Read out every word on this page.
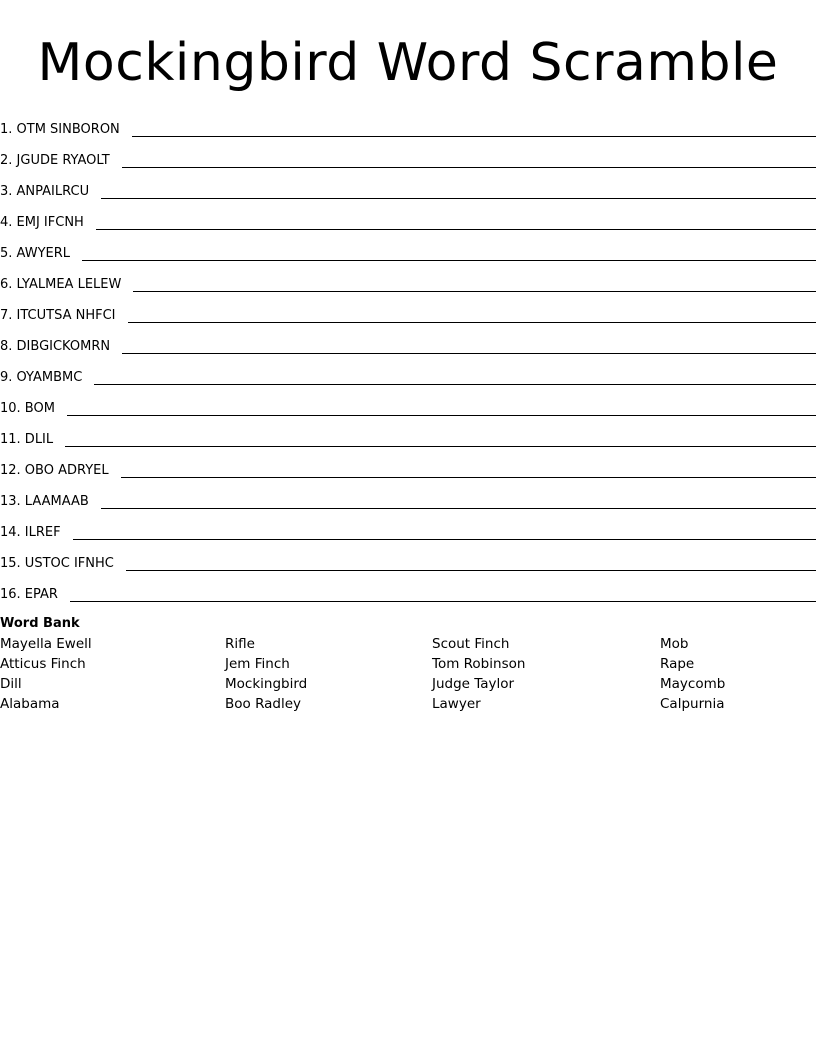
Mockingbird Word Scramble
1. OTM SINBORON
2. JGUDE RYAOLT
3. ANPAILRCU
4. EMJ IFCNH
5. AWYERL
6. LYALMEA LELEW
7. ITCUTSA NHFCI
8. DIBGICKOMRN
9. OYAMBMC
10. BOM
11. DLIL
12. OBO ADRYEL
13. LAAMAAB
14. ILREF
15. USTOC IFNHC
16. EPAR
Word Bank
Mayella Ewell
Atticus Finch
Dill
Alabama
Rifle
Jem Finch
Mockingbird
Boo Radley
Scout Finch
Tom Robinson
Judge Taylor
Lawyer
Mob
Rape
Maycomb
Calpurnia
